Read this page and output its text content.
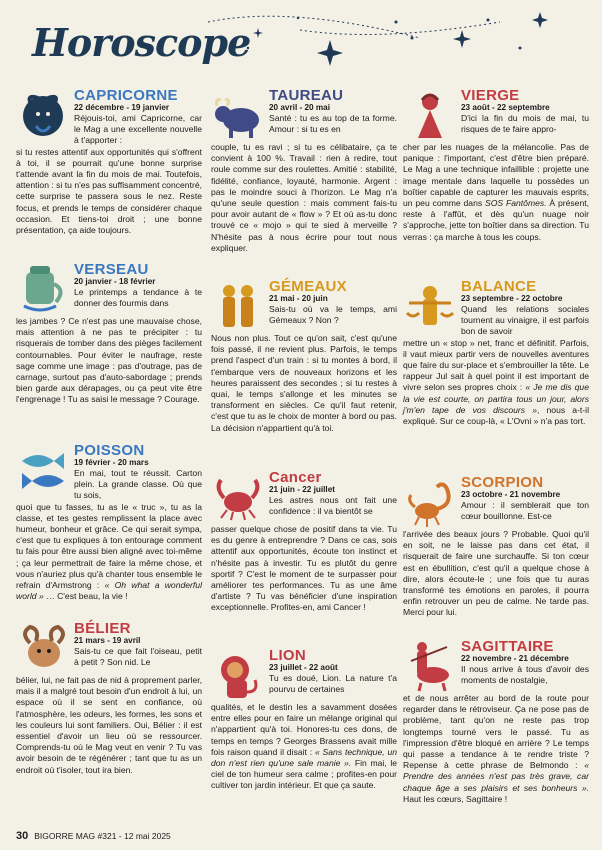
Horoscope
CAPRICORNE
22 décembre - 19 janvier
Réjouis-toi, ami Capricorne, car le Mag a une excellente nouvelle à t'apporter :
si tu restes attentif aux opportunités qui s'offrent à toi, il se pourrait qu'une bonne surprise t'attende avant la fin du mois de mai. Toutefois, attention : si tu n'es pas suffisamment concentré, cette surprise te passera sous le nez. Reste focus, et prends le temps de considérer chaque occasion. Et tiens-toi droit ; une bonne présentation, ça aide toujours.
VERSEAU
20 janvier - 18 février
Le printemps a tendance à te donner des fourmis dans
les jambes ? Ce n'est pas une mauvaise chose, mais attention à ne pas te précipiter : tu risquerais de tomber dans des pièges facilement contournables. Pour éviter le naufrage, reste sage comme une image : pas d'outrage, pas de carnage, surtout pas d'auto-sabordage ; prends bien garde aux dérapages, ou ça peut vite être l'engrenage ! Tu as saisi le message ? Courage.
POISSON
19 février - 20 mars
En mai, tout te réussit. Carton plein. La grande classe. Où que tu sois,
quoi que tu fasses, tu as le « truc », tu as la classe, et tes gestes remplissent la place avec humeur, bonheur et grâce. Ce qui serait sympa, c'est que tu expliques à ton entourage comment tu fais pour être aussi bien aligné avec toi-même ; ça leur permettrait de faire la même chose, et vous n'auriez plus qu'à chanter tous ensemble le refrain d'Armstrong : « Oh what a wonderful world » … C'est beau, la vie !
BÉLIER
21 mars - 19 avril
Sais-tu ce que fait l'oiseau, petit à petit ? Son nid. Le
bélier, lui, ne fait pas de nid à proprement parler, mais il a malgré tout besoin d'un endroit à lui, un espace où il se sent en confiance, où l'atmosphère, les odeurs, les formes, les sons et les couleurs lui sont familiers. Oui, Bélier : il est essentiel d'avoir un lieu où se ressourcer. Comprends-tu où le Mag veut en venir ? Tu vas avoir besoin de te régénérer ; tant que tu as un endroit où t'isoler, tout ira bien.
TAUREAU
20 avril - 20 mai
Santé : tu es au top de ta forme. Amour : si tu es en
couple, tu es ravi ; si tu es célibataire, ça te convient à 100 %. Travail : rien à redire, tout roule comme sur des roulettes. Amitié : stabilité, fidélité, confiance, loyauté, harmonie. Argent : pas le moindre souci à l'horizon. Le Mag n'a qu'une seule question : mais comment fais-tu pour avoir autant de « flow » ? Et où as-tu donc trouvé ce « mojo » qui te sied à merveille ? N'hésite pas à nous écrire pour tout nous expliquer.
GÉMEAUX
21 mai - 20 juin
Sais-tu où va le temps, ami Gémeaux ? Non ?
Nous non plus. Tout ce qu'on sait, c'est qu'une fois passé, il ne revient plus. Parfois, le temps prend l'aspect d'un train : si tu montes à bord, il t'embarque vers de nouveaux horizons et les heures paraissent des secondes ; si tu restes à quai, le temps s'allonge et les minutes se transforment en siècles. Ce qu'il faut retenir, c'est que tu as le choix de monter à bord ou pas. La décision n'appartient qu'à toi.
Cancer
21 juin - 22 juillet
Les astres nous ont fait une confidence : il va bientôt se
passer quelque chose de positif dans ta vie. Tu es du genre à entreprendre ? Dans ce cas, sois attentif aux opportunités, écoute ton instinct et n'hésite pas à investir. Tu es plutôt du genre sportif ? C'est le moment de te surpasser pour améliorer tes performances. Tu as une âme d'artiste ? Tu vas bénéficier d'une inspiration exceptionnelle. Profites-en, ami Cancer !
LION
23 juillet - 22 août
Tu es doué, Lion. La nature t'a pourvu de certaines
qualités, et le destin les a savamment dosées entre elles pour en faire un mélange original qui n'appartient qu'à toi. Honores-tu ces dons, de temps en temps ? Georges Brassens avait mille fois raison quand il disait : « Sans technique, un don n'est rien qu'une sale manie ». Fin mai, le ciel de ton humeur sera calme ; profites-en pour cultiver ton jardin intérieur. Et que ça saute.
VIERGE
23 août - 22 septembre
D'ici la fin du mois de mai, tu risques de te faire appro-
cher par les nuages de la mélancolie. Pas de panique : l'important, c'est d'être bien préparé. Le Mag a une technique infaillible : projette une image mentale dans laquelle tu possèdes un boîtier capable de capturer les mauvais esprits, un peu comme dans SOS Fantômes. À présent, reste à l'affût, et dès qu'un nuage noir s'approche, jette ton boîtier dans sa direction. Tu verras : ça marche à tous les coups.
BALANCE
23 septembre - 22 octobre
Quand les relations sociales tournent au vinaigre, il est parfois bon de savoir
mettre un « stop » net, franc et définitif. Parfois, il vaut mieux partir vers de nouvelles aventures que faire du sur-place et s'embrouiller la tête. Le rappeur Jul sait à quel point il est important de vivre selon ses propres choix : « Je me dis que la vie est courte, on partira tous un jour, alors j'm'en tape de vos discours », nous a-t-il expliqué. Sur ce coup-là, « L'Ovni » n'a pas tort.
SCORPION
23 octobre - 21 novembre
Amour : il semblerait que ton cœur bouillonne. Est-ce
l'arrivée des beaux jours ? Probable. Quoi qu'il en soit, ne le laisse pas dans cet état, il risquerait de faire une surchauffe. Si ton cœur est en ébullition, c'est qu'il a quelque chose à dire, alors écoute-le ; une fois que tu auras transformé tes émotions en paroles, il pourra enfin retrouver un peu de calme. Ne tarde pas. Merci pour lui.
SAGITTAIRE
22 novembre - 21 décembre
Il nous arrive à tous d'avoir des moments de nostalgie,
et de nous arrêter au bord de la route pour regarder dans le rétroviseur. Ça ne pose pas de problème, tant qu'on ne reste pas trop longtemps tourné vers le passé. Tu as l'impression d'être bloqué en arrière ? Le temps qui passe a tendance à te rendre triste ? Repense à cette phrase de Belmondo : « Prendre des années n'est pas très grave, car chaque âge a ses plaisirs et ses bonheurs ». Haut les cœurs, Sagittaire !
30 BIGORRE MAG #321 - 12 mai 2025
